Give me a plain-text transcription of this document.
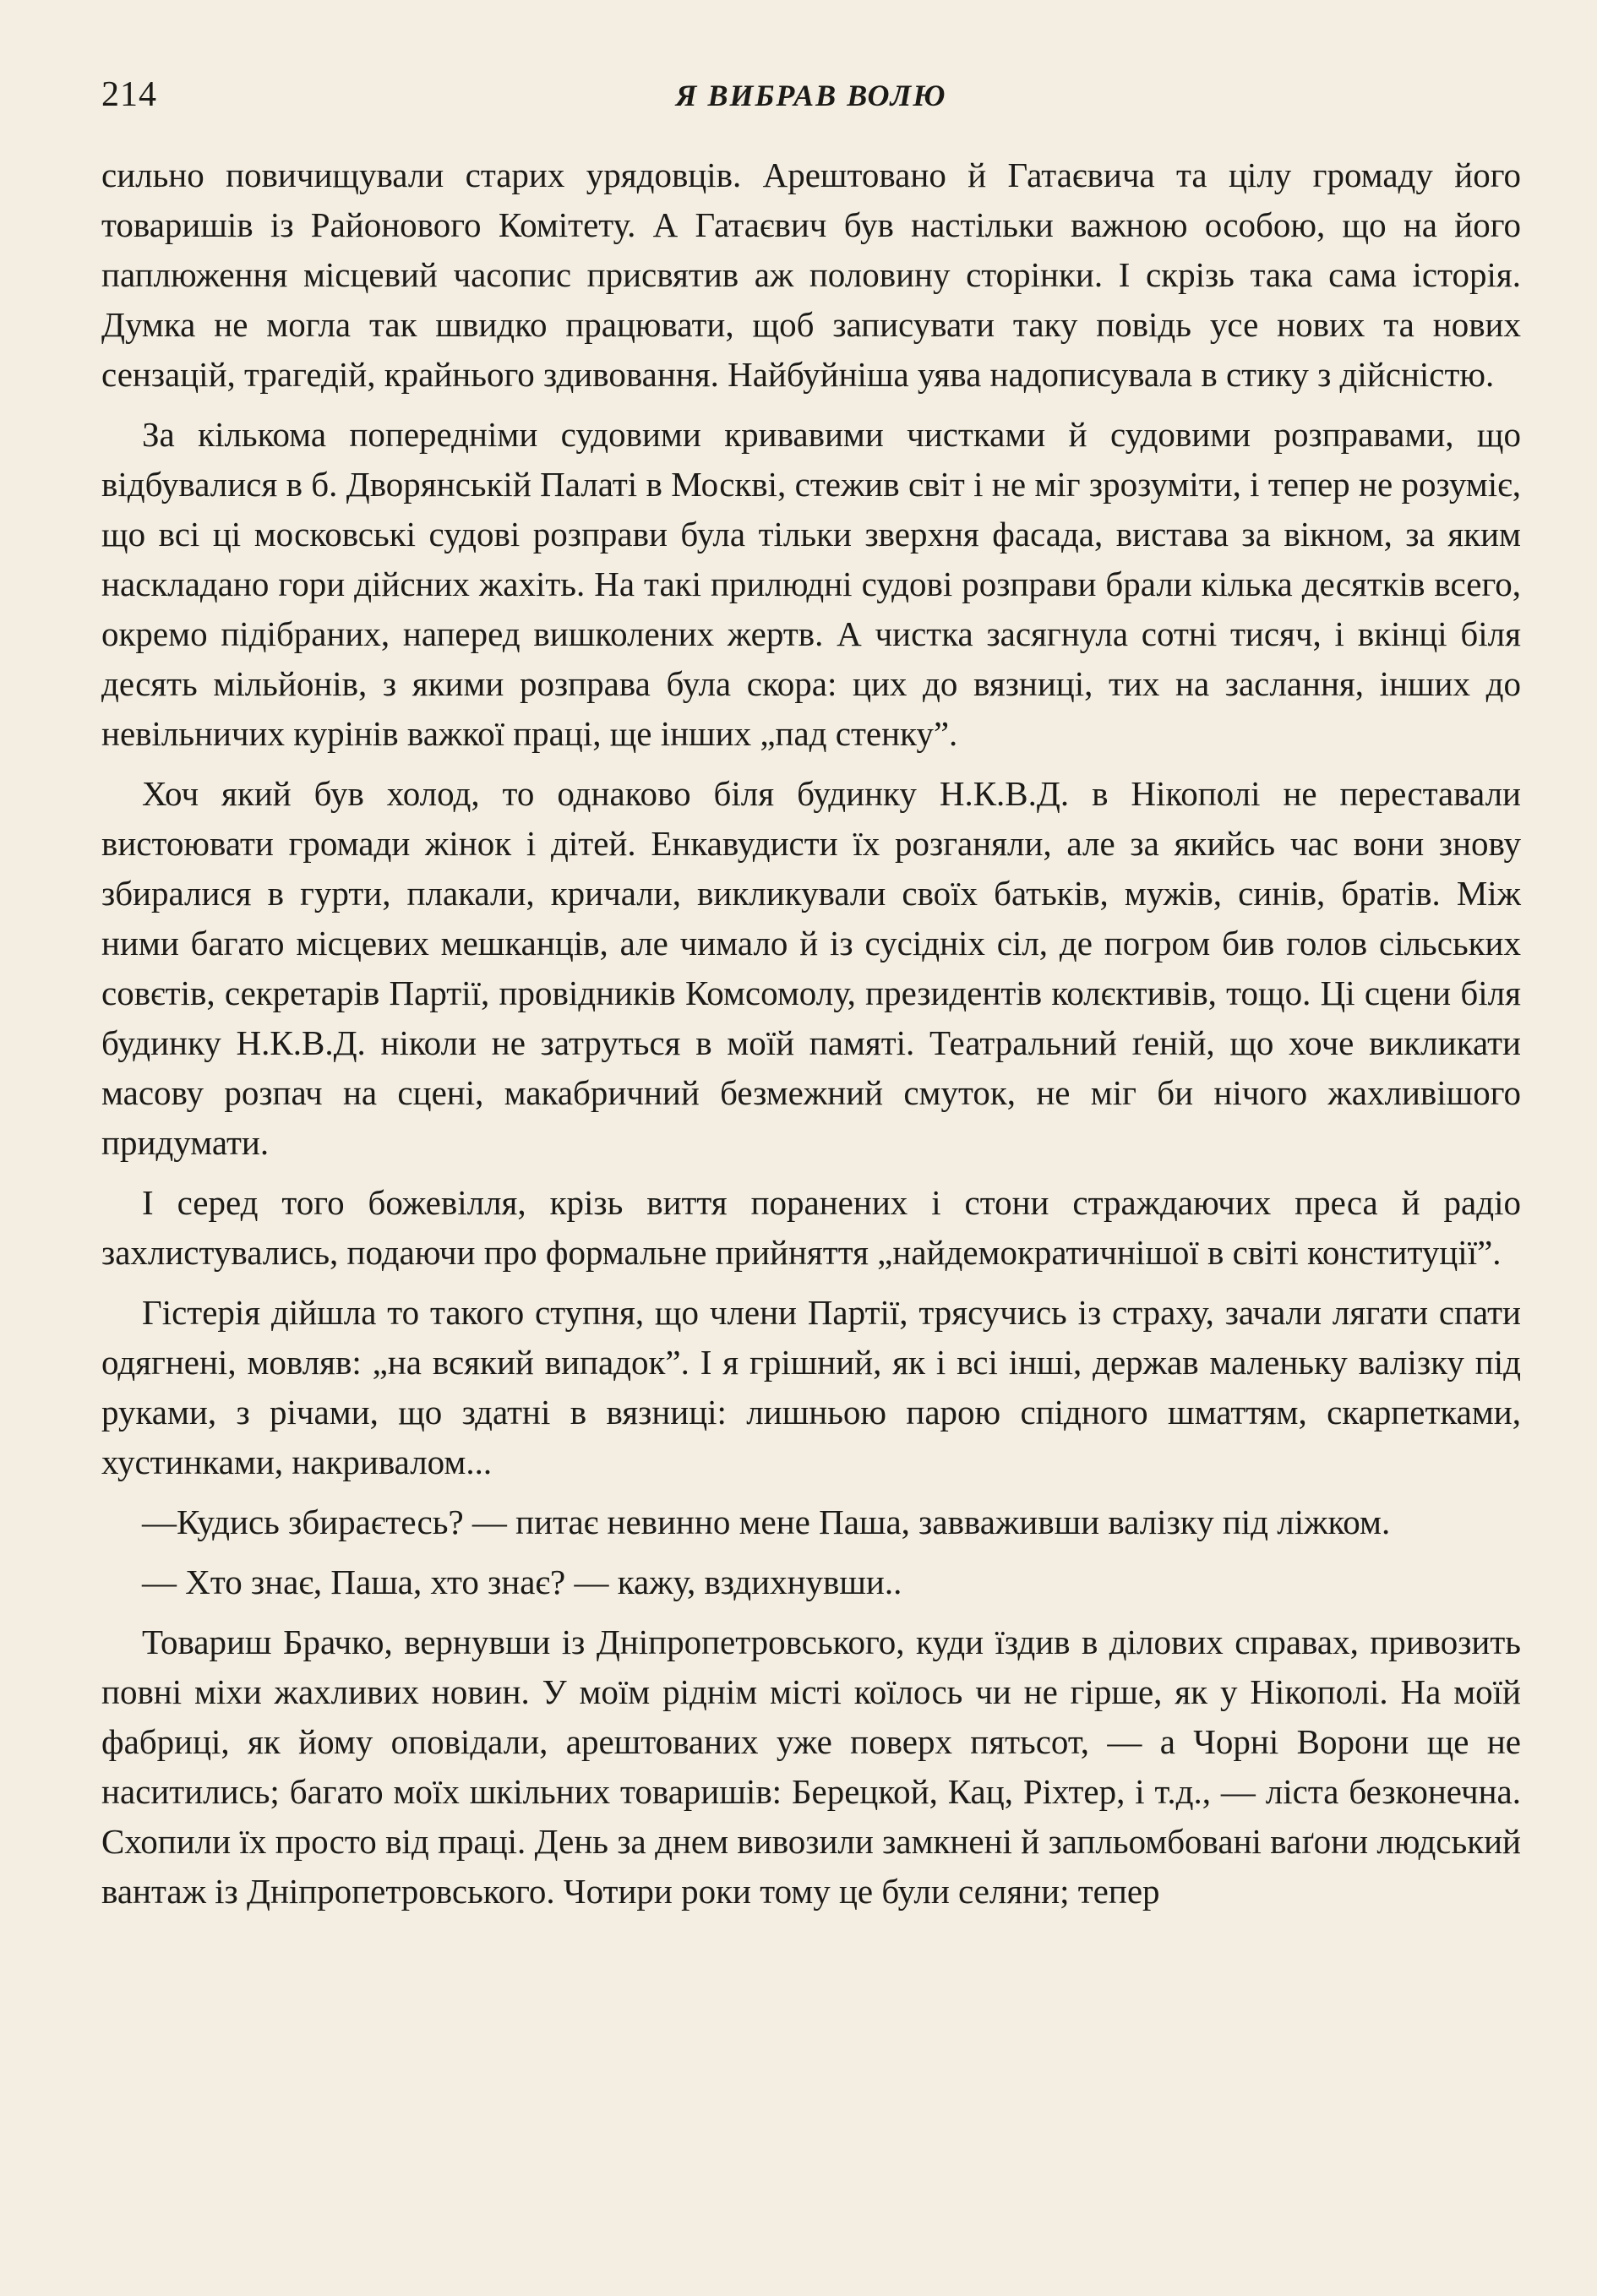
214	Я ВИБРАВ ВОЛЮ

сильно повичищували старих урядовців. Арештовано й Гатаєвича та цілу громаду його товаришів із Районового Комітету. А Гатаєвич був настільки важною особою, що на його паплюження місцевий часопис присвятив аж половину сторінки. І скрізь така сама історія. Думка не могла так швидко працювати, щоб записувати таку повідь усе нових та нових сензацій, трагедій, крайнього здивовання. Найбуйніша уява надописувала в стику з дійсністю.

За кількома попередніми судовими кривавими чистками й судовими розправами, що відбувалися в б. Дворянській Палаті в Москві, стежив світ і не міг зрозуміти, і тепер не розуміє, що всі ці московські судові розправи була тільки зверхня фасада, вистава за вікном, за яким наскладано гори дійсних жахіть. На такі прилюдні судові розправи брали кілька десятків всего, окремо підібраних, наперед вишколених жертв. А чистка засягнула сотні тисяч, і вкінці біля десять мільйонів, з якими розправа була скора: цих до вязниці, тих на заслання, інших до невільничих курінів важкої праці, ще інших „пад стенку”.

Хоч який був холод, то однаково біля будинку Н.К.В.Д. в Нікополі не переставали вистоювати громади жінок і дітей. Енкавудисти їх розганяли, але за якийсь час вони знову збиралися в гурти, плакали, кричали, викликували своїх батьків, мужів, синів, братів. Між ними багато місцевих мешканців, але чимало й із сусідніх сіл, де погром бив голов сільських совєтів, секретарів Партії, провідників Комсомолу, президентів колєктивів, тощо. Ці сцени біля будинку Н.К.В.Д. ніколи не затруться в моїй памяті. Театральний ґеній, що хоче викликати масову розпач на сцені, макабричний безмежний смуток, не міг би нічого жахливішого придумати.

І серед того божевілля, крізь виття поранених і стони страждаючих преса й радіо захлистувались, подаючи про формальне прийняття „найдемократичнішої в світі конституції”.

Гістерія дійшла то такого ступня, що члени Партії, трясучись із страху, зачали лягати спати одягнені, мовляв: „на всякий випадок”. І я грішний, як і всі інші, держав маленьку валізку під руками, з річами, що здатні в вязниці: лишньою парою спідного шматтям, скарпетками, хустинками, накривалом...

—Кудись збираєтесь? — питає невинно мене Паша, завваживши валізку під ліжком.

— Хто знає, Паша, хто знає? — кажу, вздихнувши..

Товариш Брачко, вернувши із Дніпропетровського, куди їздив в ділових справах, привозить повні міхи жахливих новин. У моїм ріднім місті коїлось чи не гірше, як у Нікополі. На моїй фабриці, як йому оповідали, арештованих уже поверх пятьсот, — а Чорні Ворони ще не наситились; багато моїх шкільних товаришів: Берецкой, Кац, Ріхтер, і т.д., — ліста безконечна. Схопили їх просто від праці. День за днем вивозили замкнені й запльомбовані ваґони людський вантаж із Дніпропетровського. Чотири роки тому це були селяни; тепер
